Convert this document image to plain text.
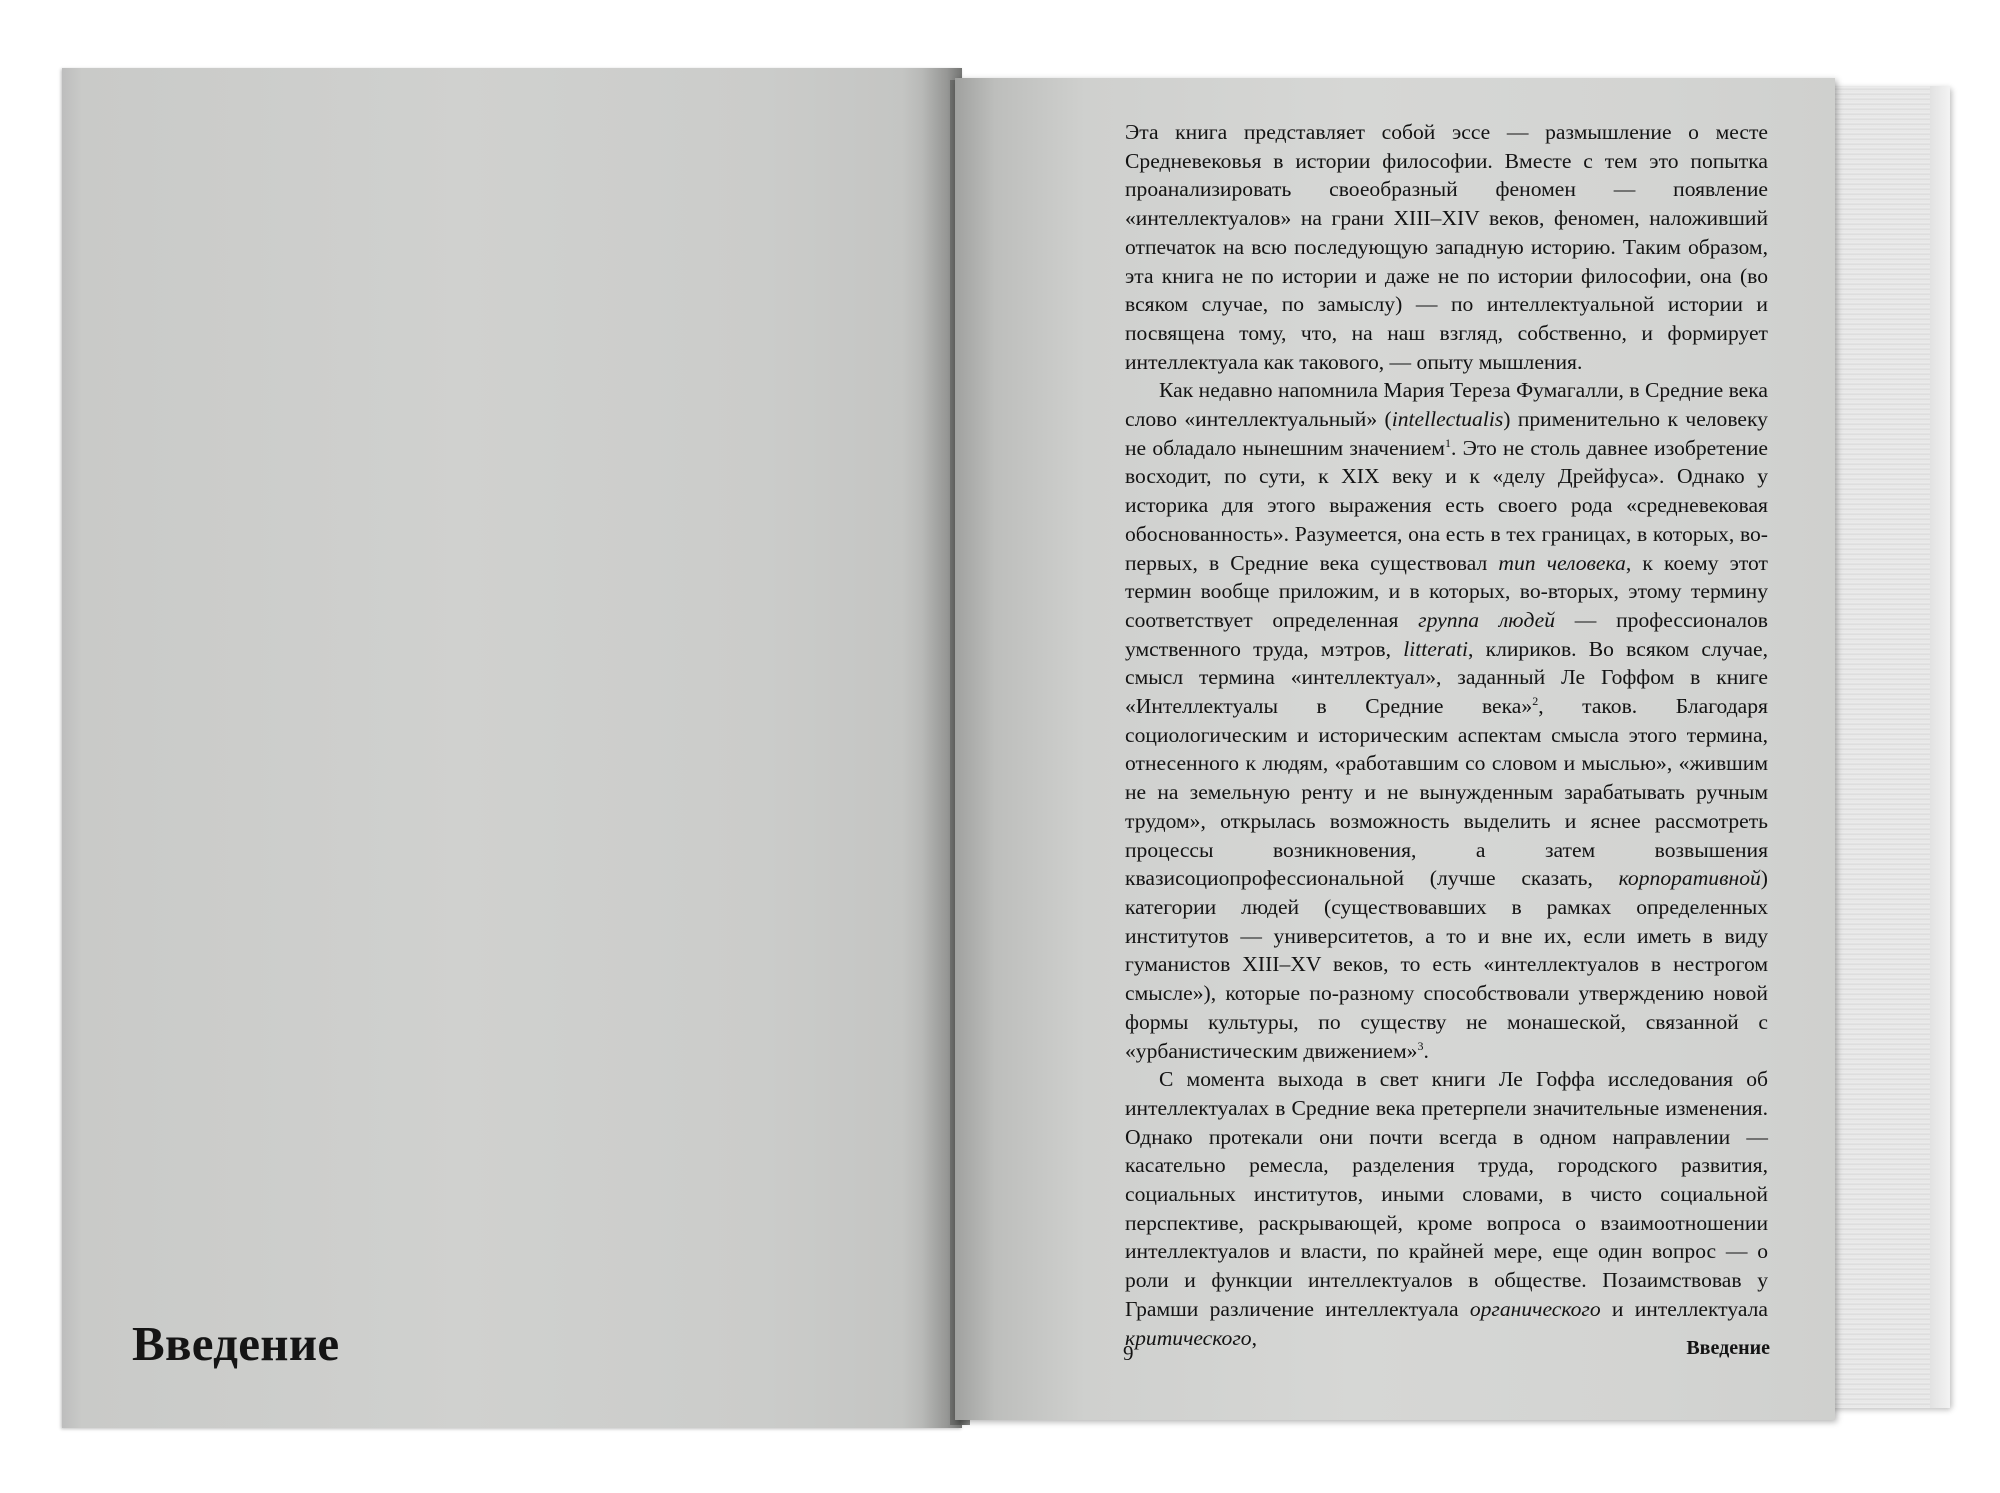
Введение

Эта книга представляет собой эссе — размышление о месте Средневековья в истории философии. Вместе с тем это попытка проанализировать своеобразный феномен — появление «интеллектуалов» на грани XIII–XIV веков, феномен, наложивший отпечаток на всю последующую западную историю. Таким образом, эта книга не по истории и даже не по истории философии, она (во всяком случае, по замыслу) — по интеллектуальной истории и посвящена тому, что, на наш взгляд, собственно, и формирует интеллектуала как такового, — опыту мышления.

Как недавно напомнила Мария Тереза Фумагалли, в Средние века слово «интеллектуальный» (intellectualis) применительно к человеку не обладало нынешним значением$^1$. Это не столь давнее изобретение восходит, по сути, к XIX веку и к «делу Дрейфуса». Однако у историка для этого выражения есть своего рода «средневековая обоснованность». Разумеется, она есть в тех границах, в которых, во-первых, в Средние века существовал тип человека, к коему этот термин вообще приложим, и в которых, во-вторых, этому термину соответствует определенная группа людей — профессионалов умственного труда, мэтров, litterati, клириков. Во всяком случае, смысл термина «интеллектуал», заданный Ле Гоффом в книге «Интеллектуалы в Средние века»$^2$, таков. Благодаря социологическим и историческим аспектам смысла этого термина, отнесенного к людям, «работавшим со словом и мыслью», «жившим не на земельную ренту и не вынужденным зарабатывать ручным трудом», открылась возможность выделить и яснее рассмотреть процессы возникновения, а затем возвышения квазисоциопрофессиональной (лучше сказать, корпоративной) категории людей (существовавших в рамках определенных институтов — университетов, а то и вне их, если иметь в виду гуманистов XIII–XV веков, то есть «интеллектуалов в нестрогом смысле»), которые по-разному способствовали утверждению новой формы культуры, по существу не монашеской, связанной с «урбанистическим движением»$^3$.

С момента выхода в свет книги Ле Гоффа исследования об интеллектуалах в Средние века претерпели значительные изменения. Однако протекали они почти всегда в одном направлении — касательно ремесла, разделения труда, городского развития, социальных институтов, иными словами, в чисто социальной перспективе, раскрывающей, кроме вопроса о взаимоотношении интеллектуалов и власти, по крайней мере, еще один вопрос — о роли и функции интеллектуалов в обществе. Позаимствовав у Грамши различение интеллектуала органического и интеллектуала критического,

9	Введение
